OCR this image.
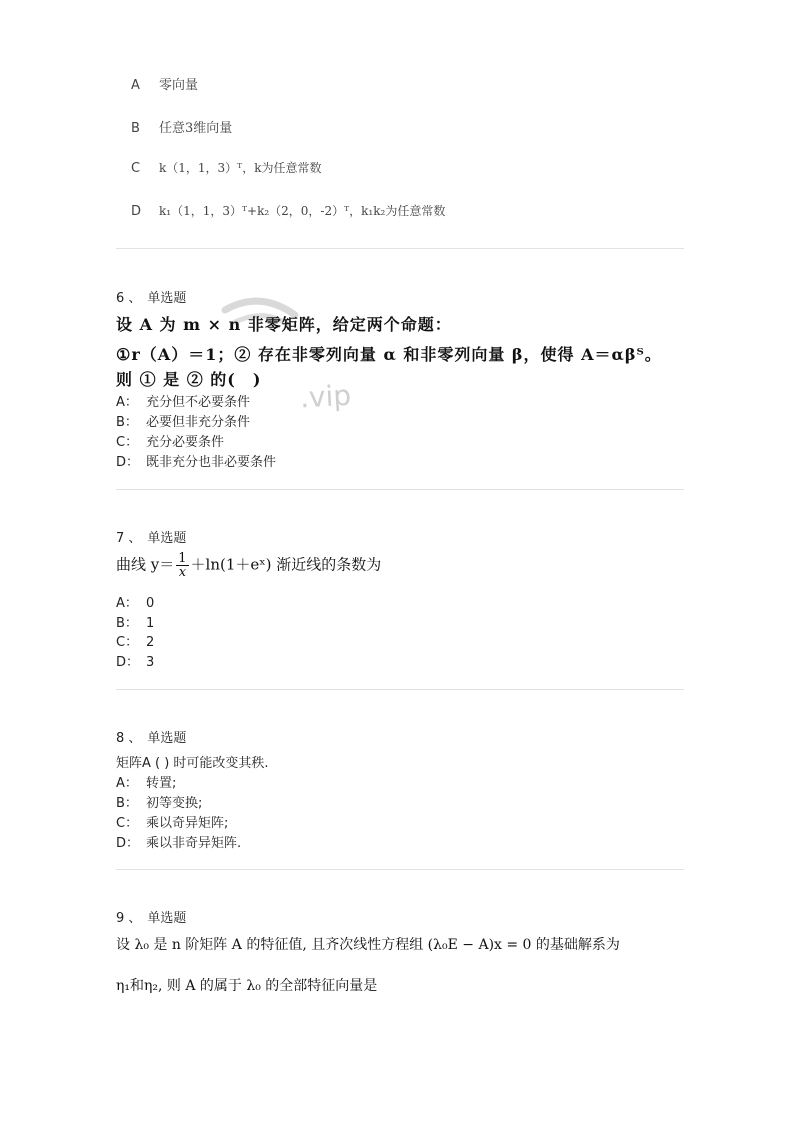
A 零向量
B 任意3维向量
C k（1，1，3）ᵀ，k为任意常数
D k₁（1，1，3）ᵀ+k₂（2，0，-2）ᵀ，k₁k₂为任意常数
6 、 单选题
.vip
设 A 为 m × n 非零矩阵，给定两个命题：
①r（A）＝1；② 存在非零列向量 α 和非零列向量 β，使得 A＝αβᵀ。
则 ① 是 ② 的(　)
A： 充分但不必要条件
B： 必要但非充分条件
C： 充分必要条件
D： 既非充分也非必要条件
7 、 单选题
曲线 $y= \frac{1}{x}$ ＋ln(1＋eˣ) 渐近线的条数为
A： 0
B： 1
C： 2
D： 3
8 、 单选题
矩阵A ( ) 时可能改变其秩.
A： 转置;
B： 初等变换;
C： 乘以奇异矩阵;
D： 乘以非奇异矩阵.
9 、 单选题
设 λ₀ 是 n 阶矩阵 A 的特征值, 且齐次线性方程组 (λ₀E − A)x = 0 的基础解系为
η₁和η₂, 则 A 的属于 λ₀ 的全部特征向量是
